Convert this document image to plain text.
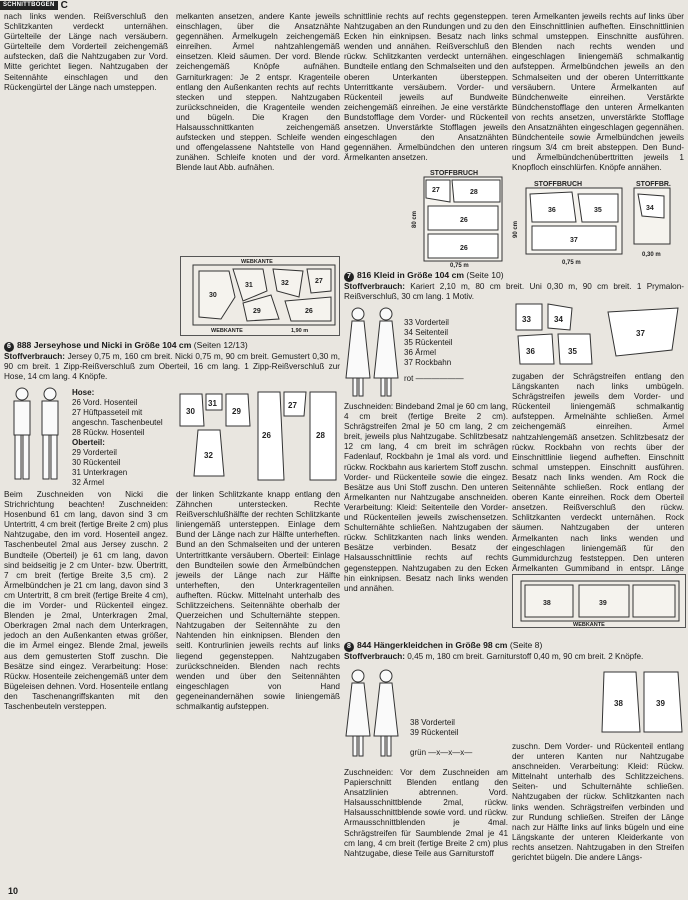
SCHNITTBOGEN C

nach links wenden. Reißverschluß den Schlitzkanten verdeckt unternähen. Gürtelteile der Länge nach versäubern. Gürtelteile dem Vorderteil zeichengemäß aufstecken, daß die Nahtzugaben zur Vord. Mitte gerichtet liegen. Nahtzugaben der Seitennähte einschlagen und den Rückengürtel der Länge nach umsteppen.

melkanten ansetzen, andere Kante jeweils einschlagen, über die Ansatznähte gegennähen. Ärmelkugeln zeichengemäß einreihen. Ärmel nahtzahlengemäß einsetzen. Kleid säumen. Der vord. Blende zeichengemäß Knöpfe aufnähen. Garniturkragen: Je 2 entspr. Kragenteile entlang den Außenkanten rechts auf rechts stecken und steppen. Nahtzugaben zurückschneiden, die Kragenteile wenden und bügeln. Die Kragen den Halsausschnittkanten zeichengemäß aufstecken und steppen. Schleife wenden und offengelassene Nahtstelle von Hand zunähen. Schleife knoten und der vord. Blende laut Abb. aufnähen.

schnittlinie rechts auf rechts gegensteppen. Nahtzugaben an den Rundungen und zu den Ecken hin einknipsen. Besatz nach links wenden und annähen. Reißverschluß den rückw. Schlitzkanten verdeckt unternähen. Bundteile entlang den Schmalseiten und den oberen Unterkanten übersteppen. Unterrittkante versäubern. Vorder- und Rückenteil jeweils auf Bundweite zeichengemäß einreihen. Je eine verstärkte Bundstofflage dem Vorder- und Rückenteil ansetzen. Unverstärkte Stofflagen jeweils eingeschlagen den Ansatznähten gegennähen. Ärmelbündchen den unteren Ärmelkanten ansetzen.

teren Ärmelkanten jeweils rechts auf links über den Einschnittlinien aufheften. Einschnittlinien schmal umsteppen. Einschnitte ausführen. Blenden nach rechts wenden und eingeschlagen liniengemäß schmalkantig aufsteppen. Ärmelbündchen jeweils an den Schmalseiten und der oberen Unterrittkante versäubern. Untere Ärmelkanten auf Bündchenweite einreihen. Verstärkte Bündchenstofflage den unteren Ärmelkanten von rechts ansetzen, unverstärkte Stofflage den Ansatznähten eingeschlagen gegennähen. Bündchenteile sowie Ärmelbündchen jeweils ringsum 3/4 cm breit absteppen. Den Bund- und Ärmelbündchenüberttritten jeweils 1 Knopfloch einschlürfen. Knöpfe annähen.

30
31
29
32
26
27
WEBKANTE
WEBKANTE	1,90 m
STOFFBRUCH
27	28
26
26
80 cm
0,75 m
STOFFBRUCH	STOFFBR.
36	35
37
34
90 cm
0,75 m
0,30 m
6 888 Jerseyhose und Nicki in Größe 104 cm (Seiten 12/13)
Stoffverbrauch: Jersey 0,75 m, 160 cm breit. Nicki 0,75 m, 90 cm breit. Gemustert 0,30 m, 90 cm breit. 1 Zipp-Reißverschluß zum Oberteil, 16 cm lang. 1 Zipp-Reißverschluß zur Hose, 14 cm lang. 4 Knöpfe.
Hose:
26 Vord. Hosenteil
27 Hüftpasseteil mit angeschn. Taschenbeutel
28 Rückw. Hosenteil
Oberteil:
29 Vorderteil
30 Rückenteil
31 Unterkragen
32 Ärmel
30
31
29
32
26
27
28
Beim Zuschneiden von Nicki die Strichrichtung beachten! Zuschneiden: Hosenbund 61 cm lang, davon sind 3 cm Untertritt, 4 cm breit (fertige Breite 2 cm) plus Nahtzugabe, den im vord. Hosenteil angez. Taschenbeutel 2mal aus Jersey zuschn. 2 Bundteile (Oberteil) je 61 cm lang, davon sind beidseitig je 2 cm Unter- bzw. Übertritt, 7 cm breit (fertige Breite 3,5 cm). 2 Ärmelbündchen je 21 cm lang, davon sind 3 cm Untertritt, 8 cm breit (fertige Breite 4 cm), die im Vorder- und Rückenteil eingez. Blenden je 2mal, Unterkragen 2mal, Oberkragen 2mal nach dem Unterkragen, jedoch an den Außenkanten etwas größer, die im Ärmel eingez. Blende 2mal, jeweils aus dem gemusterten Stoff zuschn. Die Besätze sind eingez. Verarbeitung: Hose: Rückw. Hosenteile zeichengemäß unter dem Bügeleisen dehnen. Vord. Hosenteile entlang den Taschenangriffskanten mit den Taschenbeuteln versteppen.
der linken Schlitzkante knapp entlang den Zähnchen unterstecken. Rechte Reißverschlußhälfte der rechten Schlitzkante liniengemäß untersteppen. Einlage dem Bund der Länge nach zur Hälfte unterheften. Bund an den Schmalseiten und der unteren Untertrittkante versäubern. Oberteil: Einlage den Bundteilen sowie den Ärmelbündchen jeweils der Länge nach zur Hälfte unterheften, den Unterkragenteilen aufheften. Rückw. Mittelnaht unterhalb des Schlitzzeichens. Seitennähte oberhalb der Querzeichen und Schulternähte steppen. Nahtzugaben der Seitennähte zu den Nahtenden hin einknipsen. Blenden den seitl. Kontrurlinien jeweils rechts auf links liegend gegensteppen. Nahtzugaben zurückschneiden. Blenden nach rechts wenden und über den Seitennähten eingeschlagen von Hand gegeneinandernähen sowie liniengemäß schmalkantig aufsteppen.
7 816 Kleid in Größe 104 cm (Seite 10)
Stoffverbrauch: Kariert 2,10 m, 80 cm breit. Uni 0,30 m, 90 cm breit. 1 Prymalon-Reißverschluß, 30 cm lang. 1 Motiv.
33 Vorderteil
34 Seitenteil
35 Rückenteil
36 Ärmel
37 Rockbahn
rot ——————
Zuschneiden: Bindeband 2mal je 60 cm lang, 4 cm breit (fertige Breite 2 cm). Schrägstreifen 2mal je 50 cm lang, 2 cm breit, jeweils plus Nahtzugabe. Schlitzbesatz 12 cm lang, 4 cm breit im schrägen Fadenlauf, Rockbahn je 1mal als vord. und rückw. Rockbahn aus kariertem Stoff zuschn. Vorder- und Rückenteile sowie die eingez. Besätze aus Uni Stoff zuschn. Den unteren Ärmelkanten nur Nahtzugabe anschneiden. Verarbeitung: Kleid: Seitenteile den Vorder- und Rückenteilen jeweils zwischensetzen. Schulternähte schließen. Nahtzugaben der rückw. Schlitzkanten nach links wenden. Besätze verbinden. Besatz der Halsausschnittlinie rechts auf rechts gegensteppen. Nahtzugaben zu den Ecken hin einknipsen. Besatz nach links wenden und annähen.
33	34
36	35
37
zugaben der Schrägstreifen entlang den Längskanten nach links umbügeln. Schrägstreifen jeweils dem Vorder- und Rückenteil liniengemäß schmalkantig aufsteppen. Ärmelnähte schließen. Ärmel zeichengemäß einreihen. Ärmel nahtzahlengemäß ansetzen. Schlitzbesatz der rückw. Rockbahn von rechts über der Einschnittlinie liegend aufheften. Einschnitt schmal umsteppen. Einschnitt ausführen. Besatz nach links wenden. Am Rock die Seitennähte schließen. Rock entlang der oberen Kante einreihen. Rock dem Oberteil ansetzen. Reißverschluß den rückw. Schlitzkanten verdeckt unternähen. Rock säumen. Nahtzugaben der unteren Ärmelkanten nach links wenden und eingeschlagen liniengemäß für den Gummidurchzug feststeppen. Den unteren Ärmelkanten Gummiband in entspr. Länge
38	39
WEBKANTE
8 844 Hängerkleidchen in Größe 98 cm (Seite 8)
Stoffverbrauch: 0,45 m, 180 cm breit. Garniturstoff 0,40 m, 90 cm breit. 2 Knöpfe.
38 Vorderteil
39 Rückenteil
grün —x—x—x—
38	39
Zuschneiden: Vor dem Zuschneiden am Papierschnitt Blenden entlang den Ansatzlinien abtrennen. Vord. Halsausschnittblende 2mal, rückw. Halsausschnittblende sowie vord. und rückw. Armausschnittblenden je 4mal. Schrägstreifen für Saumblende 2mal je 41 cm lang, 4 cm breit (fertige Breite 2 cm) plus Nahtzugabe, diese Teile aus Garniturstoff
zuschn. Dem Vorder- und Rückenteil entlang der unteren Kanten nur Nahtzugabe anschneiden. Verarbeitung: Kleid: Rückw. Mittelnaht unterhalb des Schlitzzeichens. Seiten- und Schulternähte schließen. Nahtzugaben der rückw. Schlitzkanten nach links wenden. Schrägstreifen verbinden und zur Rundung schließen. Streifen der Länge nach zur Hälfte links auf links bügeln und eine Längskante der unteren Kleiderkante von rechts ansetzen. Nahtzugaben in den Streifen gerichtet bügeln. Die andere Längs-
10
